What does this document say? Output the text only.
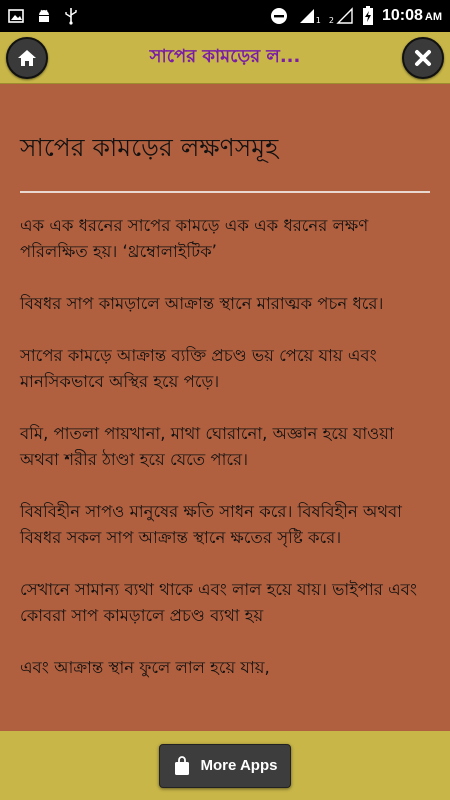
1 2	10:08 AM
সাপের কামড়ের ল...
সাপের কামড়ের লক্ষণসমূহ

এক এক ধরনের সাপের কামড়ে এক এক ধরনের লক্ষণ পরিলক্ষিত হয়। ‘থ্রম্বোলাইটিক’

বিষধর সাপ কামড়ালে আক্রান্ত স্থানে মারাত্মক পচন ধরে।

সাপের কামড়ে আক্রান্ত ব্যক্তি প্রচণ্ড ভয় পেয়ে যায় এবং মানসিকভাবে অস্থির হয়ে পড়ে।

বমি, পাতলা পায়খানা, মাথা ঘোরানো, অজ্ঞান হয়ে যাওয়া অথবা শরীর ঠাণ্ডা হয়ে যেতে পারে।

বিষবিহীন সাপও মানুষের ক্ষতি সাধন করে। বিষবিহীন অথবা বিষধর সকল সাপ আক্রান্ত স্থানে ক্ষতের সৃষ্টি করে।

সেখানে সামান্য ব্যথা থাকে এবং লাল হয়ে যায়। ভাইপার এবং কোবরা সাপ কামড়ালে প্রচণ্ড ব্যথা হয়

এবং আক্রান্ত স্থান ফুলে লাল হয়ে যায়,

More Apps
